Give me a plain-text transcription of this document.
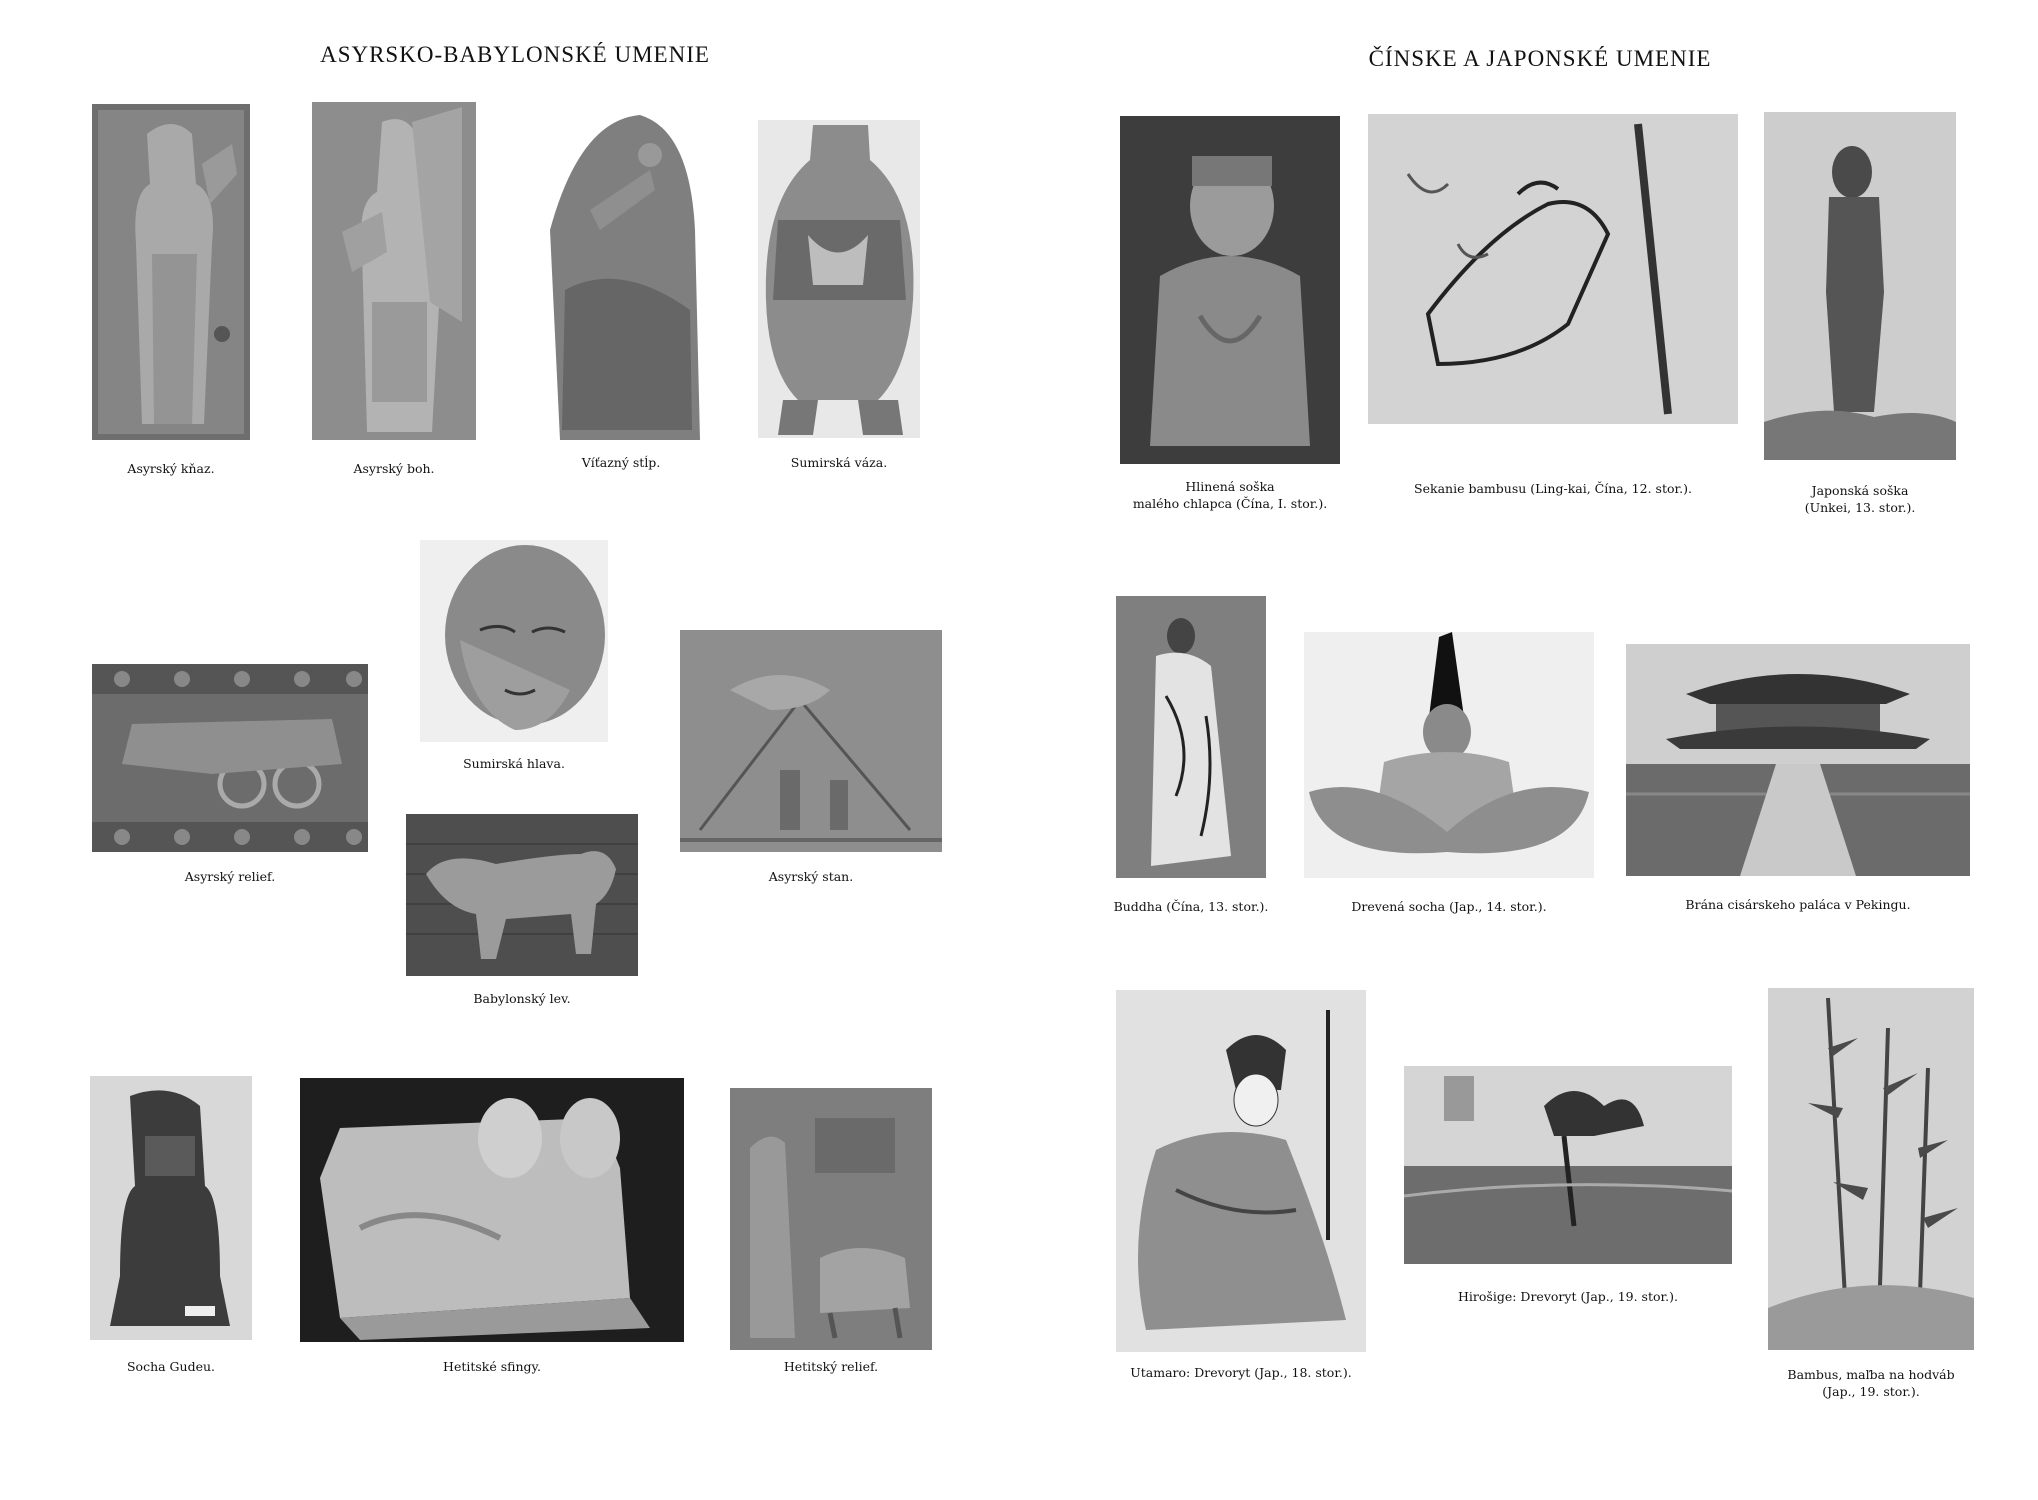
ASYRSKO-BABYLONSKÉ UMENIE
Asyrský kňaz.	Asyrský boh.	Víťazný stĺp.	Sumirská váza.
Sumirská hlava.
Asyrský relief.	Asyrský stan.
Babylonský lev.
Socha Gudeu.	Hetitské sfingy.	Hetitský relief.
ČÍNSKE A JAPONSKÉ UMENIE
Hlinená soška
malého chlapca (Čína, I. stor.).
Sekanie bambusu (Ling-kai, Čína, 12. stor.).	Japonská soška
(Unkei, 13. stor.).
Buddha (Čína, 13. stor.).	Drevená socha (Jap., 14. stor.).	Brána cisárskeho paláca v Pekingu.
Utamaro: Drevoryt (Jap., 18. stor.).
Hirošige: Drevoryt (Jap., 19. stor.).
Bambus, maľba na hodváb
(Jap., 19. stor.).
